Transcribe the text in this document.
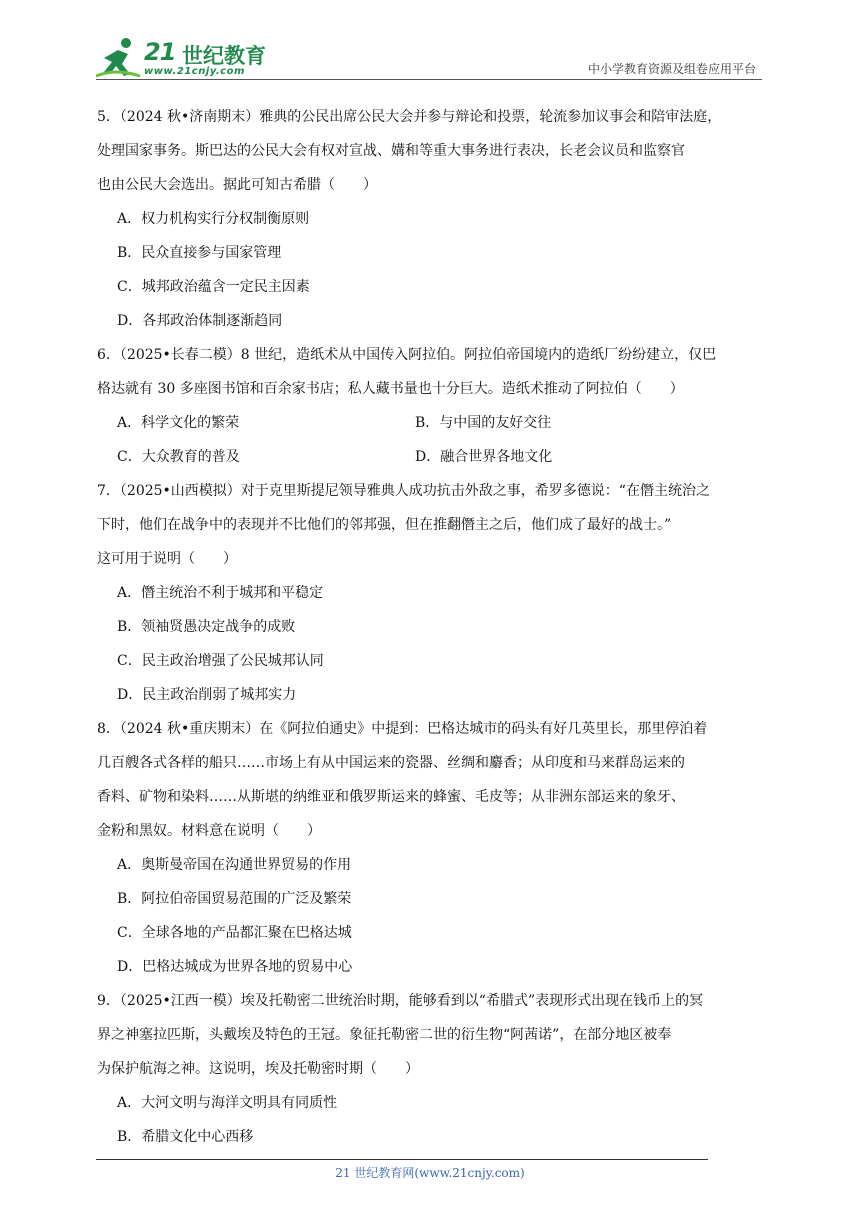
21 世纪教育
www.21cnjy.com	中小学教育资源及组卷应用平台
5．（2024 秋•济南期末）雅典的公民出席公民大会并参与辩论和投票，轮流参加议事会和陪审法庭，
处理国家事务。斯巴达的公民大会有权对宣战、媾和等重大事务进行表决，长老会议员和监察官
也由公民大会选出。据此可知古希腊（　　）
A．权力机构实行分权制衡原则
B．民众直接参与国家管理
C．城邦政治蕴含一定民主因素
D．各邦政治体制逐渐趋同
6．（2025•长春二模）8 世纪，造纸术从中国传入阿拉伯。阿拉伯帝国境内的造纸厂纷纷建立，仅巴
格达就有 30 多座图书馆和百余家书店；私人藏书量也十分巨大。造纸术推动了阿拉伯（　　）
A．科学文化的繁荣	B．与中国的友好交往
C．大众教育的普及	D．融合世界各地文化
7．（2025•山西模拟）对于克里斯提尼领导雅典人成功抗击外敌之事，希罗多德说：“在僭主统治之
下时，他们在战争中的表现并不比他们的邻邦强，但在推翻僭主之后，他们成了最好的战士。”
这可用于说明（　　）
A．僭主统治不利于城邦和平稳定
B．领袖贤愚决定战争的成败
C．民主政治增强了公民城邦认同
D．民主政治削弱了城邦实力
8．（2024 秋•重庆期末）在《阿拉伯通史》中提到：巴格达城市的码头有好几英里长，那里停泊着
几百艘各式各样的船只……市场上有从中国运来的瓷器、丝绸和麝香；从印度和马来群岛运来的
香料、矿物和染料……从斯堪的纳维亚和俄罗斯运来的蜂蜜、毛皮等；从非洲东部运来的象牙、
金粉和黑奴。材料意在说明（　　）
A．奥斯曼帝国在沟通世界贸易的作用
B．阿拉伯帝国贸易范围的广泛及繁荣
C．全球各地的产品都汇聚在巴格达城
D．巴格达城成为世界各地的贸易中心
9．（2025•江西一模）埃及托勒密二世统治时期，能够看到以“希腊式”表现形式出现在钱币上的冥
界之神塞拉匹斯，头戴埃及特色的王冠。象征托勒密二世的衍生物“阿茜诺”，在部分地区被奉
为保护航海之神。这说明，埃及托勒密时期（　　）
A．大河文明与海洋文明具有同质性
B．希腊文化中心西移
21 世纪教育网(www.21cnjy.com)
